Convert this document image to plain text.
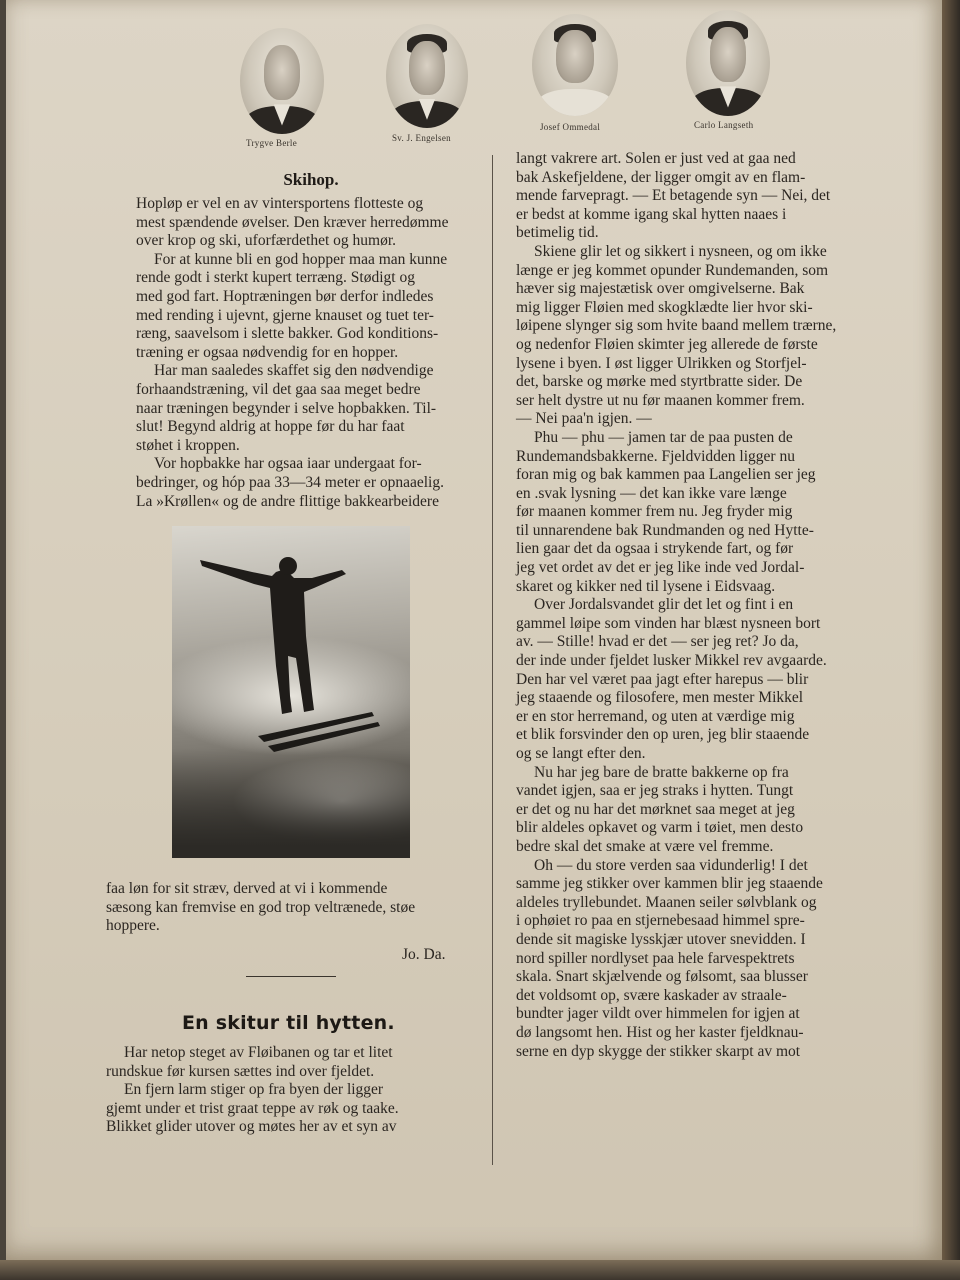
Trygve Berle	Sv. J. Engelsen
Josef Ommedal	Carlo Langseth
Skihop.
Hopløp er vel en av vintersportens flotteste og
mest spændende øvelser. Den kræver herredømme
over krop og ski, uforfærdethet og humør.
For at kunne bli en god hopper maa man kunne
rende godt i sterkt kupert terræng. Stødigt og
med god fart. Hoptræningen bør derfor indledes
med rending i ujevnt, gjerne knauset og tuet ter-
ræng, saavelsom i slette bakker. God konditions-
træning er ogsaa nødvendig for en hopper.
Har man saaledes skaffet sig den nødvendige
forhaandstræning, vil det gaa saa meget bedre
naar træningen begynder i selve hopbakken. Til-
slut! Begynd aldrig at hoppe før du har faat
støhet i kroppen.
Vor hopbakke har ogsaa iaar undergaat for-
bedringer, og hóp paa 33—34 meter er opnaaelig.
La »Krøllen« og de andre flittige bakkearbeidere
faa løn for sit stræv, derved at vi i kommende
sæsong kan fremvise en god trop veltrænede, støe
hoppere.
Jo. Da.
En skitur til hytten.
Har netop steget av Fløibanen og tar et litet
rundskue før kursen sættes ind over fjeldet.
En fjern larm stiger op fra byen der ligger
gjemt under et trist graat teppe av røk og taake.
Blikket glider utover og møtes her av et syn av
langt vakrere art. Solen er just ved at gaa ned
bak Askefjeldene, der ligger omgit av en flam-
mende farvepragt. — Et betagende syn — Nei, det
er bedst at komme igang skal hytten naaes i
betimelig tid.
Skiene glir let og sikkert i nysneen, og om ikke
længe er jeg kommet opunder Rundemanden, som
hæver sig majestætisk over omgivelserne. Bak
mig ligger Fløien med skogklædte lier hvor ski-
løipene slynger sig som hvite baand mellem trærne,
og nedenfor Fløien skimter jeg allerede de første
lysene i byen. I øst ligger Ulrikken og Storfjel-
det, barske og mørke med styrtbratte sider. De
ser helt dystre ut nu før maanen kommer frem.
— Nei paa'n igjen. —
Phu — phu — jamen tar de paa pusten de
Rundemandsbakkerne. Fjeldvidden ligger nu
foran mig og bak kammen paa Langelien ser jeg
en .svak lysning — det kan ikke vare længe
før maanen kommer frem nu. Jeg fryder mig
til unnarendene bak Rundmanden og ned Hytte-
lien gaar det da ogsaa i strykende fart, og før
jeg vet ordet av det er jeg like inde ved Jordal-
skaret og kikker ned til lysene i Eidsvaag.
Over Jordalsvandet glir det let og fint i en
gammel løipe som vinden har blæst nysneen bort
av. — Stille! hvad er det — ser jeg ret? Jo da,
der inde under fjeldet lusker Mikkel rev avgaarde.
Den har vel været paa jagt efter harepus — blir
jeg staaende og filosofere, men mester Mikkel
er en stor herremand, og uten at værdige mig
et blik forsvinder den op uren, jeg blir staaende
og se langt efter den.
Nu har jeg bare de bratte bakkerne op fra
vandet igjen, saa er jeg straks i hytten. Tungt
er det og nu har det mørknet saa meget at jeg
blir aldeles opkavet og varm i tøiet, men desto
bedre skal det smake at være vel fremme.
Oh — du store verden saa vidunderlig! I det
samme jeg stikker over kammen blir jeg staaende
aldeles tryllebundet. Maanen seiler sølvblank og
i ophøiet ro paa en stjernebesaad himmel spre-
dende sit magiske lysskjær utover snevidden. I
nord spiller nordlyset paa hele farvespektrets
skala. Snart skjælvende og følsomt, saa blusser
det voldsomt op, svære kaskader av straale-
bundter jager vildt over himmelen for igjen at
dø langsomt hen. Hist og her kaster fjeldknau-
serne en dyp skygge der stikker skarpt av mot
